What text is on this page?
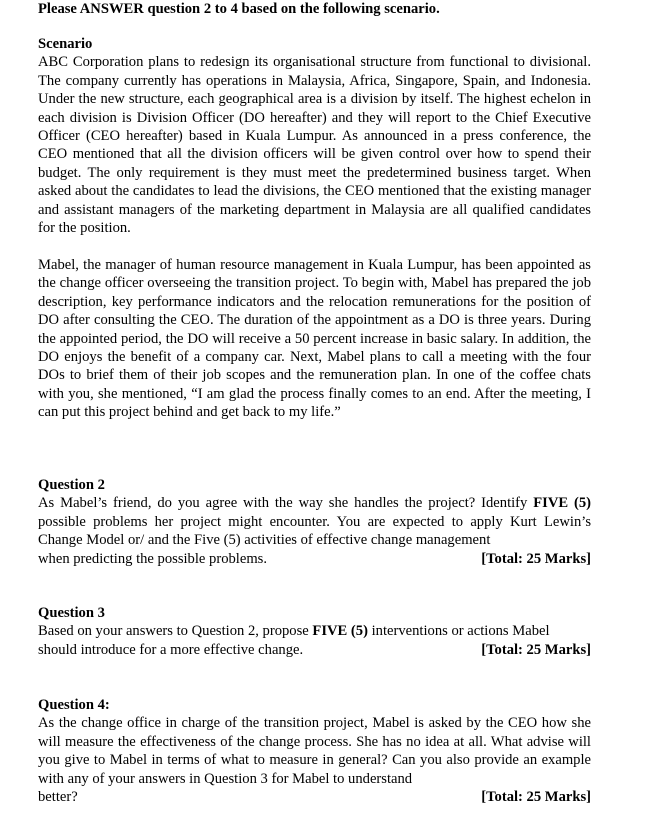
Please ANSWER question 2 to 4 based on the following scenario.

Scenario

ABC Corporation plans to redesign its organisational structure from functional to divisional. The company currently has operations in Malaysia, Africa, Singapore, Spain, and Indonesia. Under the new structure, each geographical area is a division by itself. The highest echelon in each division is Division Officer (DO hereafter) and they will report to the Chief Executive Officer (CEO hereafter) based in Kuala Lumpur. As announced in a press conference, the CEO mentioned that all the division officers will be given control over how to spend their budget. The only requirement is they must meet the predetermined business target. When asked about the candidates to lead the divisions, the CEO mentioned that the existing manager and assistant managers of the marketing department in Malaysia are all qualified candidates for the position.

Mabel, the manager of human resource management in Kuala Lumpur, has been appointed as the change officer overseeing the transition project. To begin with, Mabel has prepared the job description, key performance indicators and the relocation remunerations for the position of DO after consulting the CEO. The duration of the appointment as a DO is three years. During the appointed period, the DO will receive a 50 percent increase in basic salary. In addition, the DO enjoys the benefit of a company car. Next, Mabel plans to call a meeting with the four DOs to brief them of their job scopes and the remuneration plan. In one of the coffee chats with you, she mentioned, “I am glad the process finally comes to an end. After the meeting, I can put this project behind and get back to my life.”

Question 2

As Mabel’s friend, do you agree with the way she handles the project? Identify FIVE (5) possible problems her project might encounter. You are expected to apply Kurt Lewin’s Change Model or/ and the Five (5) activities of effective change management

when predicting the possible problems.	[Total: 25 Marks]

Question 3

Based on your answers to Question 2, propose FIVE (5) interventions or actions Mabel

should introduce for a more effective change.	[Total: 25 Marks]

Question 4:

As the change office in charge of the transition project, Mabel is asked by the CEO how she will measure the effectiveness of the change process. She has no idea at all. What advise will you give to Mabel in terms of what to measure in general? Can you also provide an example with any of your answers in Question 3 for Mabel to understand

better?	[Total: 25 Marks]
